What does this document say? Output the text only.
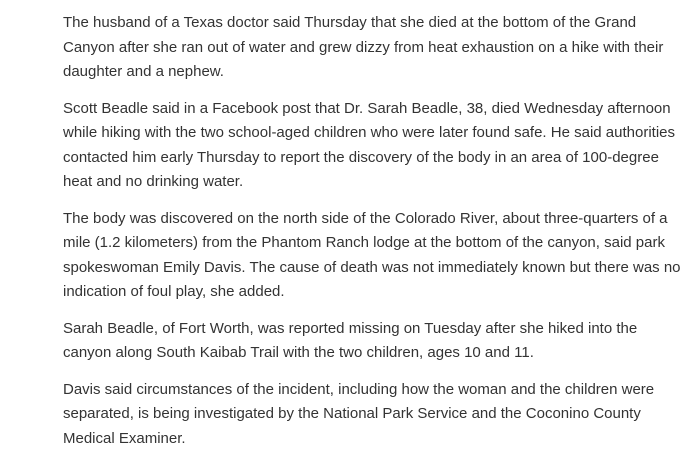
The husband of a Texas doctor said Thursday that she died at the bottom of the Grand Canyon after she ran out of water and grew dizzy from heat exhaustion on a hike with their daughter and a nephew.

Scott Beadle said in a Facebook post that Dr. Sarah Beadle, 38, died Wednesday afternoon while hiking with the two school-aged children who were later found safe. He said authorities contacted him early Thursday to report the discovery of the body in an area of 100-degree heat and no drinking water.

The body was discovered on the north side of the Colorado River, about three-quarters of a mile (1.2 kilometers) from the Phantom Ranch lodge at the bottom of the canyon, said park spokeswoman Emily Davis. The cause of death was not immediately known but there was no indication of foul play, she added.

Sarah Beadle, of Fort Worth, was reported missing on Tuesday after she hiked into the canyon along South Kaibab Trail with the two children, ages 10 and 11.

Davis said circumstances of the incident, including how the woman and the children were separated, is being investigated by the National Park Service and the Coconino County Medical Examiner.
